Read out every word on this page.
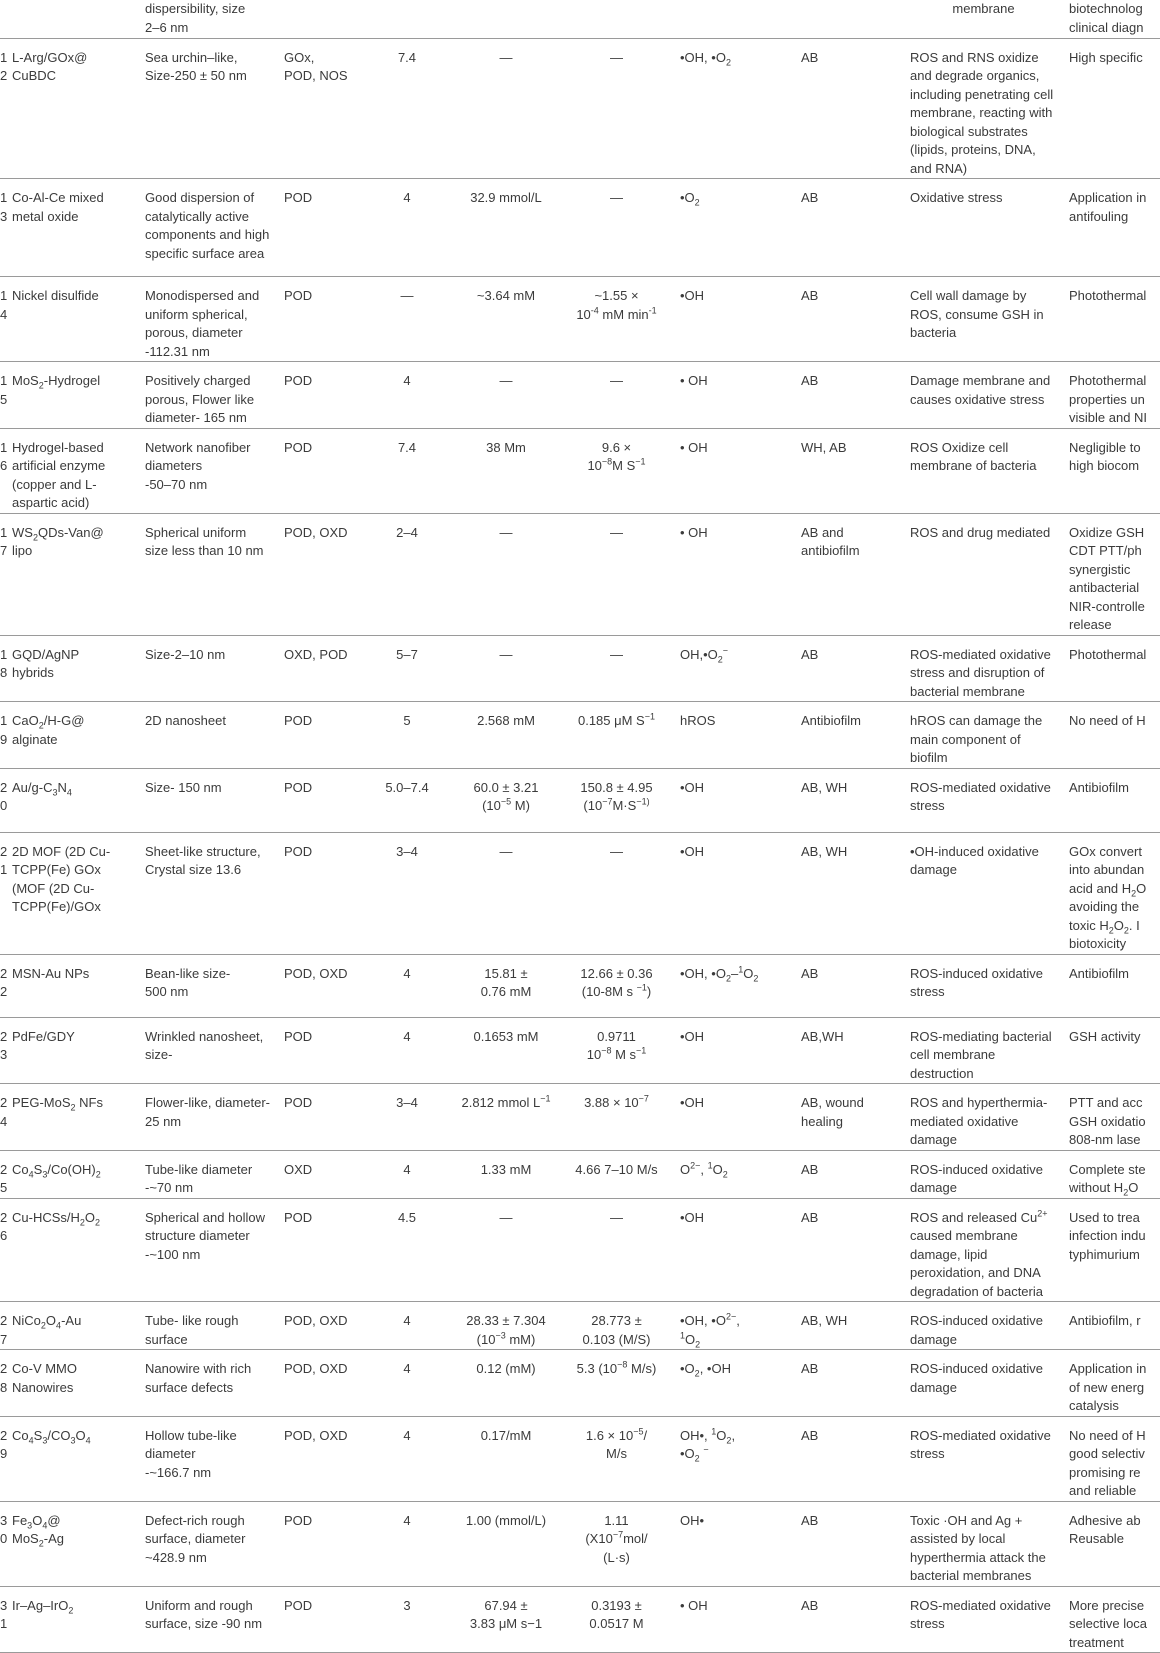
		dispersibility, size
2–6 nm							membrane	biotechnolog
clinical diagn
12	L-Arg/GOx@
CuBDC	Sea urchin–like,
Size-250 ± 50 nm	GOx,
POD, NOS	7.4	—	—	•OH, $•O_2$	AB	ROS and RNS oxidize and degrade organics, including penetrating cell membrane, reacting with biological substrates (lipids, proteins, DNA, and RNA)	High specific
13	Co-Al-Ce mixed
metal oxide	Good dispersion of catalytically active components and high specific surface area	POD	4	32.9 mmol/L	—	$•O_2$	AB	Oxidative stress	Application in
antifouling
14	Nickel disulfide	Monodispersed and uniform spherical, porous, diameter -112.31 nm	POD	—	~3.64 mM	~1.55 ×
$10^{-4}$ mM $\min^{-1}$	•OH	AB	Cell wall damage by ROS, consume GSH in bacteria	Photothermal
15	MoS$_2$-Hydrogel	Positively charged porous, Flower like diameter- 165 nm	POD	4	—	—	• OH	AB	Damage membrane and causes oxidative stress	Photothermal properties un visible and NI
16	Hydrogel-based artificial enzyme (copper and L-aspartic acid)	Network nanofiber diameters
-50–70 nm	POD	7.4	38 Mm	9.6 ×
$10^{-8}M$ $S^{-1}$	• OH	WH, AB	ROS Oxidize cell membrane of bacteria	Negligible to high biocom
17	$WS_2QDs-Van@$
lipo	Spherical uniform size less than 10 nm	POD, OXD	2–4	—	—	• OH	AB and
antibiofilm	ROS and drug mediated	Oxidize GSH CDT PTT/ph synergistic antibacterial NIR-controlle release
18	GQD/AgNP
hybrids	Size-2–10 nm	OXD, POD	5–7	—	—	$OH,•O_2^-$	AB	ROS-mediated oxidative stress and disruption of bacterial membrane	Photothermal
19	CaO$_2$/H-G@
alginate	2D nanosheet	POD	5	2.568 mM	0.185 μM $S^{-1}$	hROS	Antibiofilm	hROS can damage the main component of biofilm	No need of H
20	$Au/g-C_3N_4$	Size- 150 nm	POD	5.0–7.4	60.0 ± 3.21
($10^{-5}$ M)	150.8 ± 4.95
($10^{-7}M\cdot S^{-1)}$	•OH	AB, WH	ROS-mediated oxidative stress	Antibiofilm
21	2D MOF (2D Cu-TCPP(Fe) GOx (MOF (2D Cu-TCPP(Fe)/GOx	Sheet-like structure, Crystal size 13.6	POD	3–4	—	—	•OH	AB, WH	•OH-induced oxidative damage	GOx convert into abundan acid and $H_2O$ avoiding the toxic $H_2O_2$. I biotoxicity
22	MSN-Au NPs	Bean-like size-
500 nm	POD, OXD	4	15.81 ±
0.76 mM	12.66 ± 0.36
(10-8M s $^{-1}$)	•OH, $•O_2-^1O_2$	AB	ROS-induced oxidative stress	Antibiofilm
23	PdFe/GDY	Wrinkled nanosheet, size-	POD	4	0.1653 mM	0.9711
$10^{-8}$ M $s^{-1}$	•OH	AB,WH	ROS-mediating bacterial cell membrane destruction	GSH activity
24	PEG-MoS$_2$ NFs	Flower-like, diameter-25 nm	POD	3–4	2.812 mmol $L^{-1}$	$3.88 \times 10^{-7}$	•OH	AB, wound
healing	ROS and hyperthermia-mediated oxidative damage	PTT and acc GSH oxidatio 808-nm lase
25	$Co_4S_3/Co(OH)_2$	Tube-like diameter
-~70 nm	OXD	4	1.33 mM	4.66 7–10 M/s	$O^{2-}$, $^1O_2$	AB	ROS-induced oxidative damage	Complete ste without $H_2O$
26	$Cu-HCSs/H_2O_2$	Spherical and hollow structure diameter
-~100 nm	POD	4.5	—	—	•OH	AB	ROS and released $Cu^{2+}$ caused membrane damage, lipid peroxidation, and DNA degradation of bacteria	Used to trea infection indu typhimurium
27	$NiCo_2O_4-Au$	Tube- like rough surface	POD, OXD	4	28.33 ± 7.304
($10^{-3}$ mM)	28.773 ±
0.103 (M/S)	•OH, $•O^{2-}$,
$^1O_2$	AB, WH	ROS-induced oxidative damage	Antibiofilm, r
28	Co-V MMO
Nanowires	Nanowire with rich surface defects	POD, OXD	4	0.12 (mM)	5.3 ($10^{-8}$ M/s)	$•O_2$, •OH	AB	ROS-induced oxidative damage	Application in of new energ catalysis
29	$Co_4S_3/CO_3O_4$	Hollow tube-like diameter
-~166.7 nm	POD, OXD	4	0.17/mM	$1.6 \times 10^{-5}/$
M/s	OH•, $^1O_2$,
$•O_2$ −	AB	ROS-mediated oxidative stress	No need of H good selectiv promising re and reliable
30	$Fe_3O_4@$
MoS$_2$-Ag	Defect-rich rough surface, diameter
~428.9 nm	POD	4	1.00 (mmol/L)	1.11
($X10^{-7}mol/$
(L·s)	OH•	AB	Toxic ·OH and Ag + assisted by local hyperthermia attack the bacterial membranes	Adhesive ab Reusable
31	Ir–Ag–IrO$_2$	Uniform and rough surface, size -90 nm	POD	3	67.94 ±
3.83 μM s−1	0.3193 ±
0.0517 M	• OH	AB	ROS-mediated oxidative stress	More precise selective loca treatment
